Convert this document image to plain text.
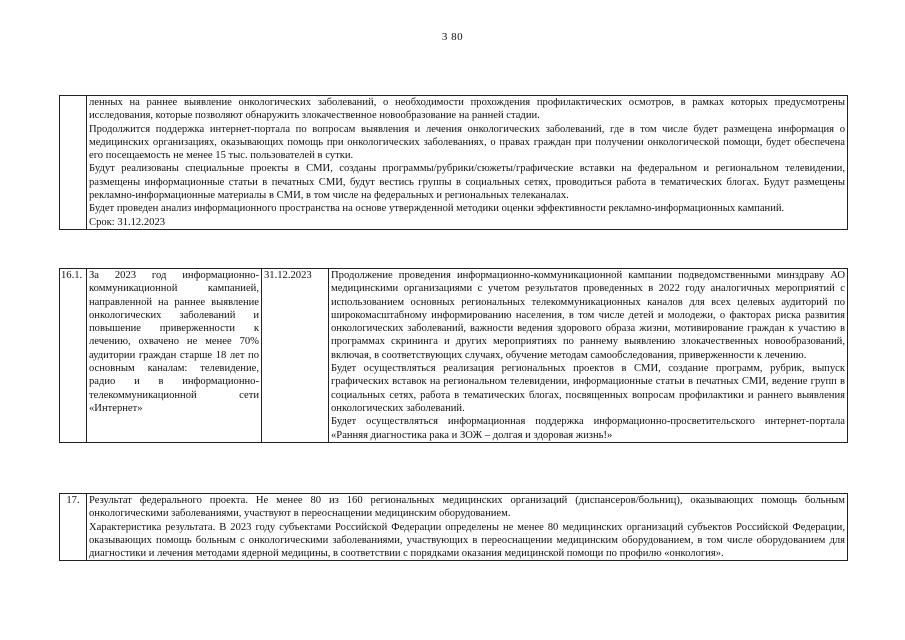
3 80

ленных на раннее выявление онкологических заболеваний, о необходимости прохождения профилактических осмотров, в рамках которых предусмотрены исследования, которые позволяют обнаружить злокачественное новообразование на ранней стадии.

Продолжится поддержка интернет-портала по вопросам выявления и лечения онкологических заболеваний, где в том числе будет размещена информация о медицинских организациях, оказывающих помощь при онкологических заболеваниях, о правах граждан при получении онкологической помощи, будет обеспечена его посещаемость не менее 15 тыс. пользователей в сутки.

Будут реализованы специальные проекты в СМИ, созданы программы/рубрики/сюжеты/графические вставки на федеральном и региональном телевидении, размещены информационные статьи в печатных СМИ, будут вестись группы в социальных сетях, проводиться работа в тематических блогах. Будут размещены рекламно-информационные материалы в СМИ, в том числе на федеральных и региональных телеканалах.

Будет проведен анализ информационного пространства на основе утвержденной методики оценки эффективности рекламно-информационных кампаний.

Срок: 31.12.2023

16.1.	За 2023 год информационно-коммуникационной кампанией, направленной на раннее выявление онкологических заболеваний и повышение приверженности к лечению, охвачено не менее 70% аудитории граждан старше 18 лет по основным каналам: телевидение, радио и в информационно-телекоммуникационной сети «Интернет»	31.12.2023	Продолжение проведения информационно-коммуникационной кампании подведомственными минздраву АО медицинскими организациями с учетом результатов проведенных в 2022 году аналогичных мероприятий с использованием основных региональных телекоммуникационных каналов для всех целевых аудиторий по широкомасштабному информированию населения, в том числе детей и молодежи, о факторах риска развития онкологических заболеваний, важности ведения здорового образа жизни, мотивирование граждан к участию в программах скрининга и других мероприятиях по раннему выявлению злокачественных новообразований, включая, в соответствующих случаях, обучение методам самообследования, приверженности к лечению.

Будет осуществляться реализация региональных проектов в СМИ, создание программ, рубрик, выпуск графических вставок на региональном телевидении, информационные статьи в печатных СМИ, ведение групп в социальных сетях, работа в тематических блогах, посвященных вопросам профилактики и раннего выявления онкологических заболеваний.

Будет осуществляться информационная поддержка информационно-просветительского интернет-портала «Ранняя диагностика рака и ЗОЖ – долгая и здоровая жизнь!»

17.	Результат федерального проекта. Не менее 80 из 160 региональных медицинских организаций (диспансеров/больниц), оказывающих помощь больным онкологическими заболеваниями, участвуют в переоснащении медицинским оборудованием.

Характеристика результата. В 2023 году субъектами Российской Федерации определены не менее 80 медицинских организаций субъектов Российской Федерации, оказывающих помощь больным с онкологическими заболеваниями, участвующих в переоснащении медицинским оборудованием, в том числе оборудованием для диагностики и лечения методами ядерной медицины, в соответствии с порядками оказания медицинской помощи по профилю «онкология».
